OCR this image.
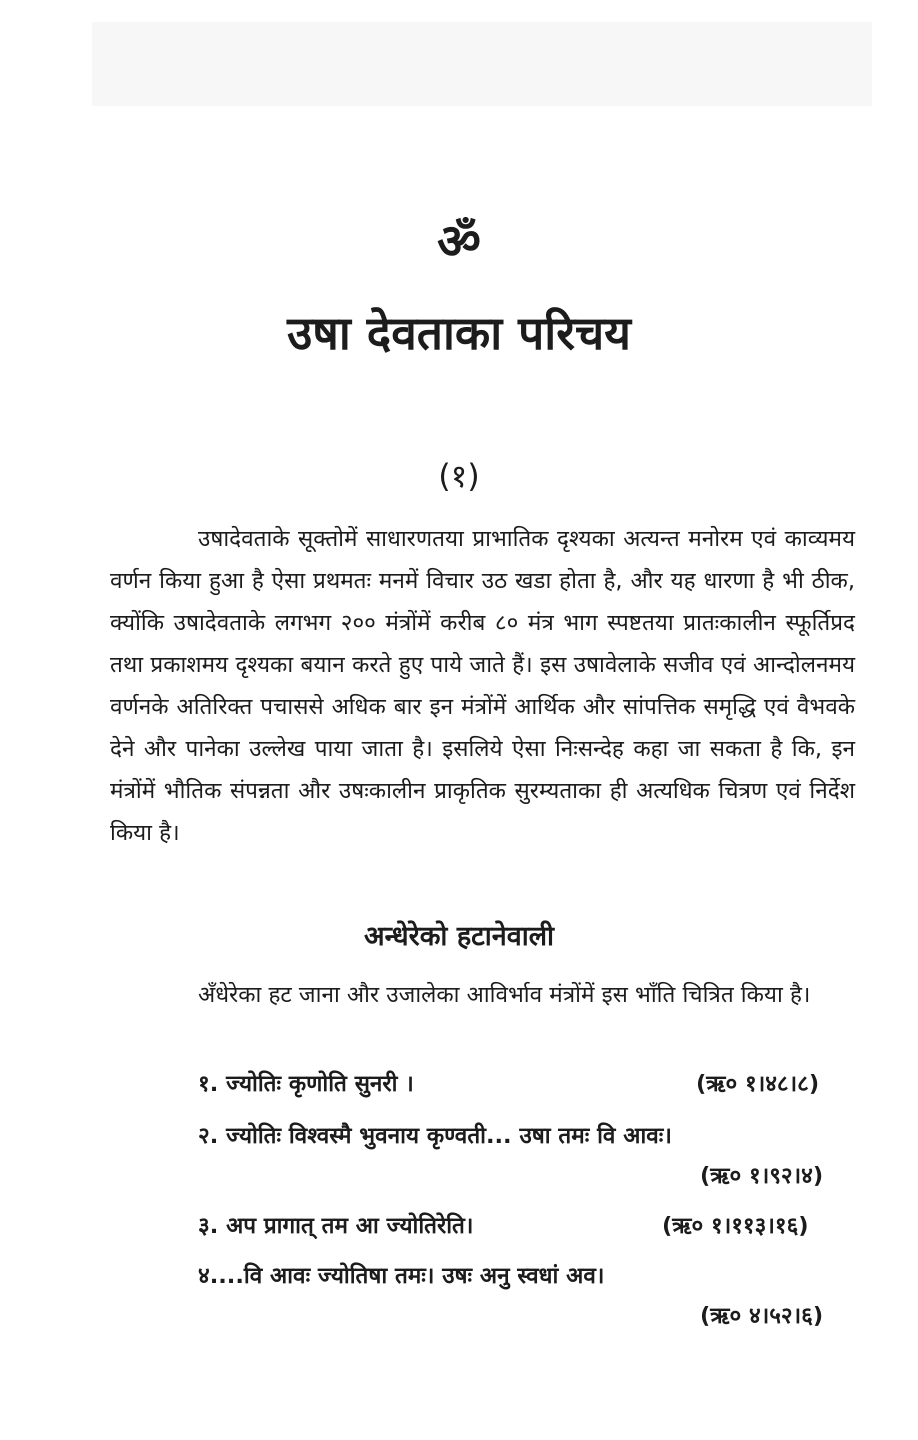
ॐ
उषा देवताका परिचय
(१)

उषादेवताके सूक्तोमें साधारणतया प्राभातिक दृश्यका अत्यन्त मनोरम एवं काव्यमय वर्णन किया हुआ है ऐसा प्रथमतः मनमें विचार उठ खडा होता है, और यह धारणा है भी ठीक, क्योंकि उषादेवताके लगभग २०० मंत्रोंमें करीब ८० मंत्र भाग स्पष्टतया प्रातःकालीन स्फूर्तिप्रद तथा प्रकाशमय दृश्यका बयान करते हुए पाये जाते हैं। इस उषावेलाके सजीव एवं आन्दोलनमय वर्णनके अतिरिक्त पचाससे अधिक बार इन मंत्रोंमें आर्थिक और सांपत्तिक समृद्धि एवं वैभवके देने और पानेका उल्लेख पाया जाता है। इसलिये ऐसा निःसन्देह कहा जा सकता है कि, इन मंत्रोंमें भौतिक संपन्नता और उषःकालीन प्राकृतिक सुरम्यताका ही अत्यधिक चित्रण एवं निर्देश किया है।

अन्धेरेको हटानेवाली

अँधेरेका हट जाना और उजालेका आविर्भाव मंत्रोंमें इस भाँति चित्रित किया है।

१. ज्योतिः कृणोति सुनरी ।	(ऋ० १।४८।८)
२. ज्योतिः विश्वस्मै भुवनाय कृण्वती... उषा तमः वि आवः।
(ऋ० १।९२।४)
३. अप प्रागात् तम आ ज्योतिरेति।	(ऋ० १।११३।१६)
४....वि आवः ज्योतिषा तमः। उषः अनु स्वधां अव।
(ऋ० ४।५२।६)
